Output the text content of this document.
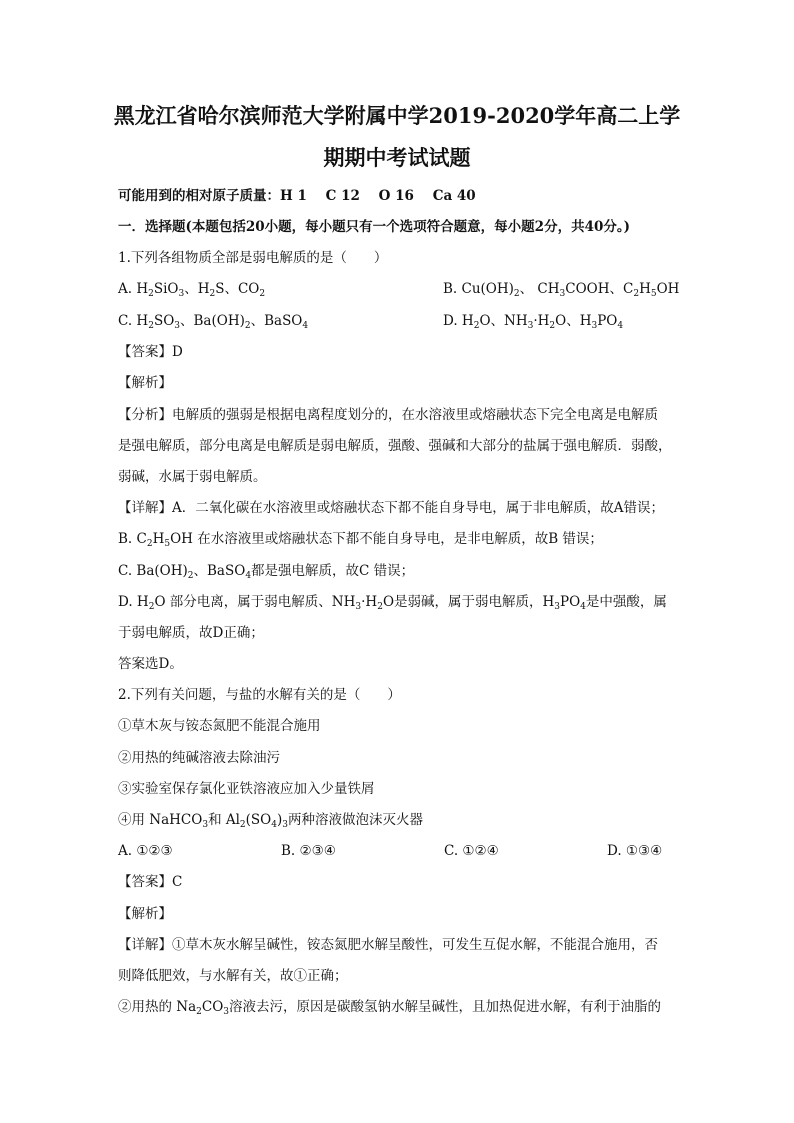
黑龙江省哈尔滨师范大学附属中学2019-2020学年高二上学
期期中考试试题
可能用到的相对原子质量：H 1    C 12    O 16    Ca 40
一．选择题(本题包括20小题，每小题只有一个选项符合题意，每小题2分，共40分。)
1.下列各组物质全部是弱电解质的是（　　）
A. $H_2SiO_3$、$H_2S$、$CO_2$	B. $Cu(OH)_2$、 $CH_3COOH$、$C_2H_5OH$
C. $H_2SO_3$、$Ba(OH)_2$、BaSO$_4$	D. $H_2O$、$NH_3\cdot H_2O$、$H_3PO_4$
【答案】D
【解析】
【分析】电解质的强弱是根据电离程度划分的，在水溶液里或熔融状态下完全电离是电解质
是强电解质，部分电离是电解质是弱电解质，强酸、强碱和大部分的盐属于强电解质．弱酸，
弱碱，水属于弱电解质。
【详解】A．二氧化碳在水溶液里或熔融状态下都不能自身导电，属于非电解质，故A错误；
B. $C_2H_5OH$ 在水溶液里或熔融状态下都不能自身导电，是非电解质，故B 错误；
C. $Ba(OH)_2$、BaSO$_4$都是强电解质，故C 错误；
D. $H_2O$ 部分电离，属于弱电解质、$NH_3\cdot H_2O$是弱碱，属于弱电解质，$H_3PO_4$是中强酸，属
于弱电解质，故D正确；
答案选D。
2.下列有关问题，与盐的水解有关的是（　　）
①草木灰与铵态氮肥不能混合施用
②用热的纯碱溶液去除油污
③实验室保存氯化亚铁溶液应加入少量铁屑
④用 NaHCO$_3$和 $Al_2(SO_4)_3$两种溶液做泡沫灭火器
A. ①②③	B. ②③④	C. ①②④	D. ①③④
【答案】C
【解析】
【详解】①草木灰水解呈碱性，铵态氮肥水解呈酸性，可发生互促水解，不能混合施用，否
则降低肥效，与水解有关，故①正确；
②用热的 $Na_2CO_3$溶液去污，原因是碳酸氢钠水解呈碱性，且加热促进水解，有利于油脂的
